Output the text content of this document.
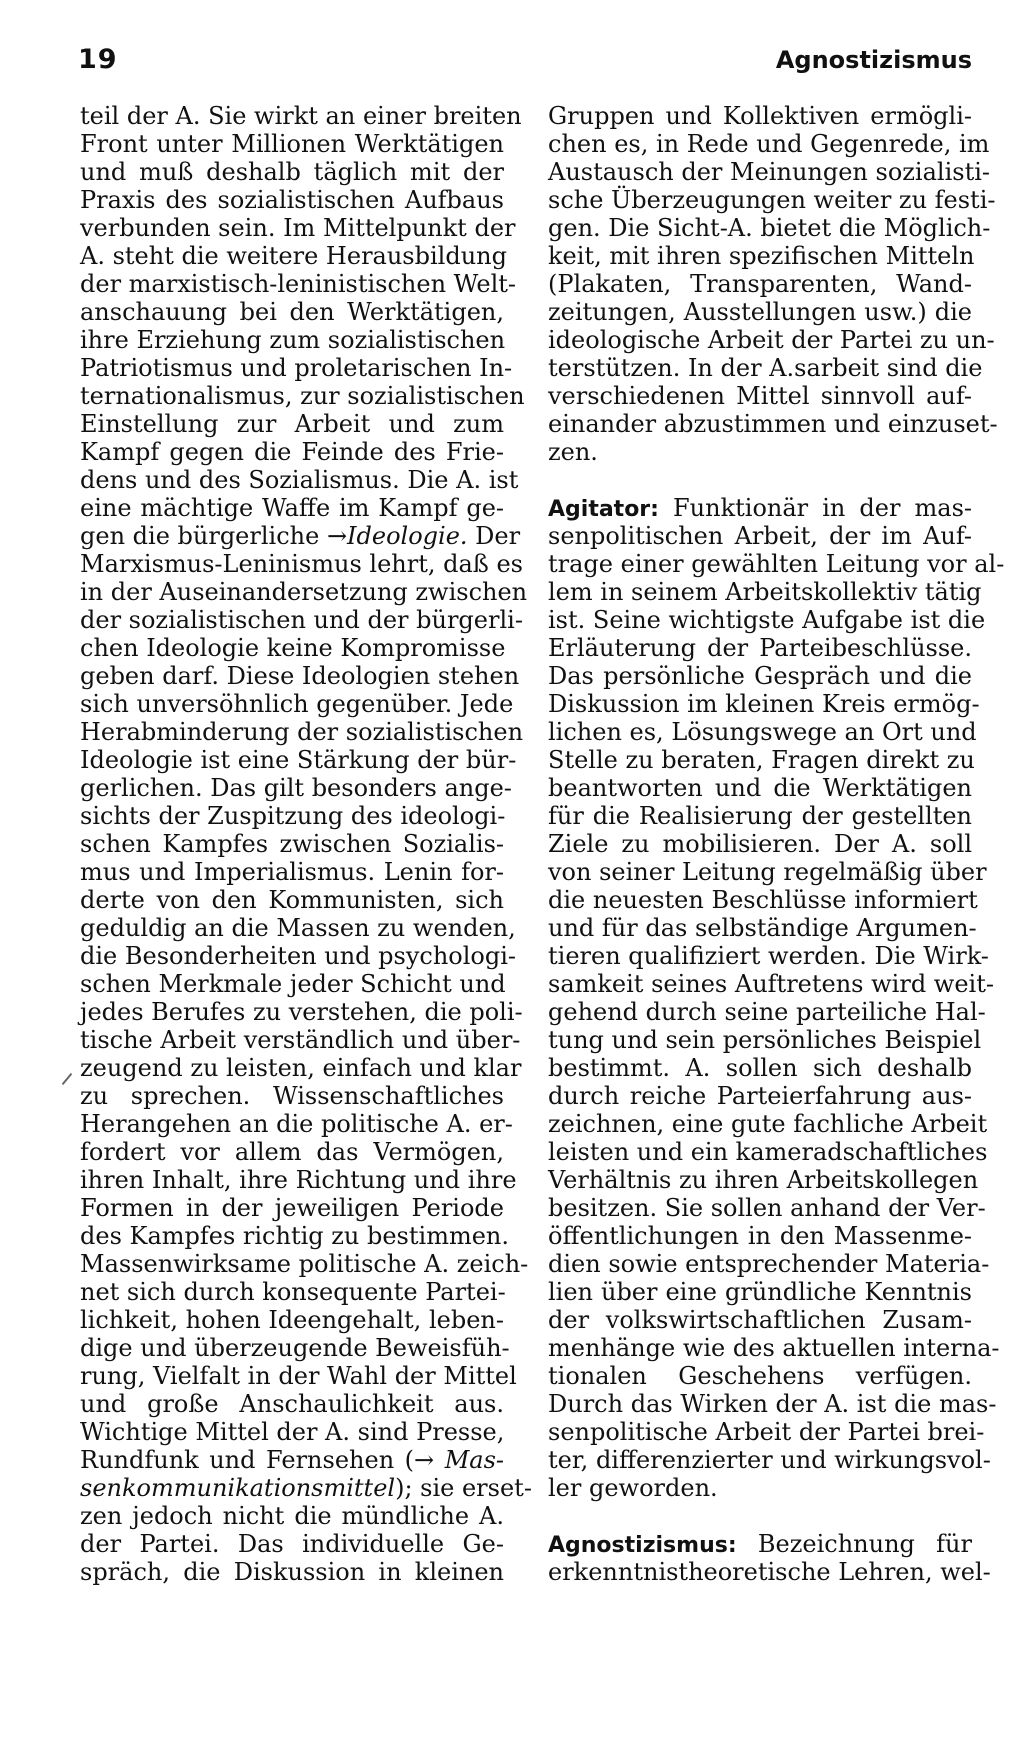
19	Agnostizismus
teil der A. Sie wirkt an einer breiten
Front unter Millionen Werktätigen
und muß deshalb täglich mit der
Praxis des sozialistischen Aufbaus
verbunden sein. Im Mittelpunkt der
A. steht die weitere Herausbildung
der marxistisch-leninistischen Welt-
anschauung bei den Werktätigen,
ihre Erziehung zum sozialistischen
Patriotismus und proletarischen In-
ternationalismus, zur sozialistischen
Einstellung zur Arbeit und zum
Kampf gegen die Feinde des Frie-
dens und des Sozialismus. Die A. ist
eine mächtige Waffe im Kampf ge-
gen die bürgerliche →Ideologie. Der
Marxismus-Leninismus lehrt, daß es
in der Auseinandersetzung zwischen
der sozialistischen und der bürgerli-
chen Ideologie keine Kompromisse
geben darf. Diese Ideologien stehen
sich unversöhnlich gegenüber. Jede
Herabminderung der sozialistischen
Ideologie ist eine Stärkung der bür-
gerlichen. Das gilt besonders ange-
sichts der Zuspitzung des ideologi-
schen Kampfes zwischen Sozialis-
mus und Imperialismus. Lenin for-
derte von den Kommunisten, sich
geduldig an die Massen zu wenden,
die Besonderheiten und psychologi-
schen Merkmale jeder Schicht und
jedes Berufes zu verstehen, die poli-
tische Arbeit verständlich und über-
zeugend zu leisten, einfach und klar
zu sprechen. Wissenschaftliches
Herangehen an die politische A. er-
fordert vor allem das Vermögen,
ihren Inhalt, ihre Richtung und ihre
Formen in der jeweiligen Periode
des Kampfes richtig zu bestimmen.
Massenwirksame politische A. zeich-
net sich durch konsequente Partei-
lichkeit, hohen Ideengehalt, leben-
dige und überzeugende Beweisfüh-
rung, Vielfalt in der Wahl der Mittel
und große Anschaulichkeit aus.
Wichtige Mittel der A. sind Presse,
Rundfunk und Fernsehen (→ Mas-
senkommunikationsmittel); sie erset-
zen jedoch nicht die mündliche A.
der Partei. Das individuelle Ge-
spräch, die Diskussion in kleinen
Gruppen und Kollektiven ermögli-
chen es, in Rede und Gegenrede, im
Austausch der Meinungen sozialisti-
sche Überzeugungen weiter zu festi-
gen. Die Sicht-A. bietet die Möglich-
keit, mit ihren spezifischen Mitteln
(Plakaten, Transparenten, Wand-
zeitungen, Ausstellungen usw.) die
ideologische Arbeit der Partei zu un-
terstützen. In der A.sarbeit sind die
verschiedenen Mittel sinnvoll auf-
einander abzustimmen und einzuset-
zen.
Agitator: Funktionär in der mas-
senpolitischen Arbeit, der im Auf-
trage einer gewählten Leitung vor al-
lem in seinem Arbeitskollektiv tätig
ist. Seine wichtigste Aufgabe ist die
Erläuterung der Parteibeschlüsse.
Das persönliche Gespräch und die
Diskussion im kleinen Kreis ermög-
lichen es, Lösungswege an Ort und
Stelle zu beraten, Fragen direkt zu
beantworten und die Werktätigen
für die Realisierung der gestellten
Ziele zu mobilisieren. Der A. soll
von seiner Leitung regelmäßig über
die neuesten Beschlüsse informiert
und für das selbständige Argumen-
tieren qualifiziert werden. Die Wirk-
samkeit seines Auftretens wird weit-
gehend durch seine parteiliche Hal-
tung und sein persönliches Beispiel
bestimmt. A. sollen sich deshalb
durch reiche Parteierfahrung aus-
zeichnen, eine gute fachliche Arbeit
leisten und ein kameradschaftliches
Verhältnis zu ihren Arbeitskollegen
besitzen. Sie sollen anhand der Ver-
öffentlichungen in den Massenme-
dien sowie entsprechender Materia-
lien über eine gründliche Kenntnis
der volkswirtschaftlichen Zusam-
menhänge wie des aktuellen interna-
tionalen Geschehens verfügen.
Durch das Wirken der A. ist die mas-
senpolitische Arbeit der Partei brei-
ter, differenzierter und wirkungsvol-
ler geworden.
Agnostizismus: Bezeichnung für
erkenntnistheoretische Lehren, wel-
